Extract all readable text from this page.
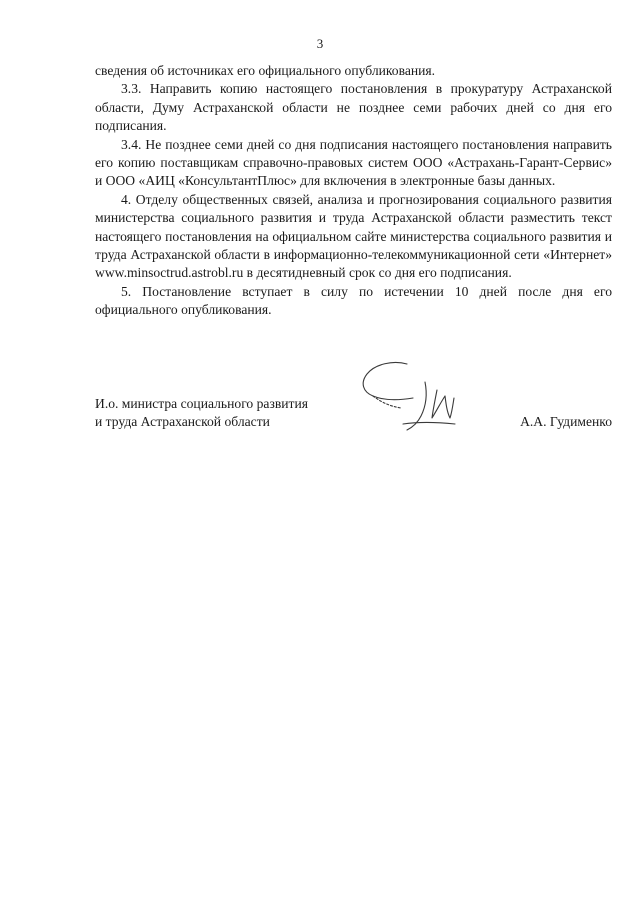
3

сведения об источниках его официального опубликования.

3.3. Направить копию настоящего постановления в прокуратуру Астраханской области, Думу Астраханской области не позднее семи рабочих дней со дня его подписания.

3.4. Не позднее семи дней со дня подписания настоящего постановления направить его копию поставщикам справочно-правовых систем ООО «Астрахань-Гарант-Сервис» и ООО «АИЦ «КонсультантПлюс» для включения в электронные базы данных.

4. Отделу общественных связей, анализа и прогнозирования социального развития министерства социального развития и труда Астраханской области разместить текст настоящего постановления на официальном сайте министерства социального развития и труда Астраханской области в информационно-телекоммуникационной сети «Интернет» www.minsoctrud.astrobl.ru в десятидневный срок со дня его подписания.

5. Постановление вступает в силу по истечении 10 дней после дня его официального опубликования.

И.о. министра социального развития
и труда Астраханской области	А.А. Гудименко
